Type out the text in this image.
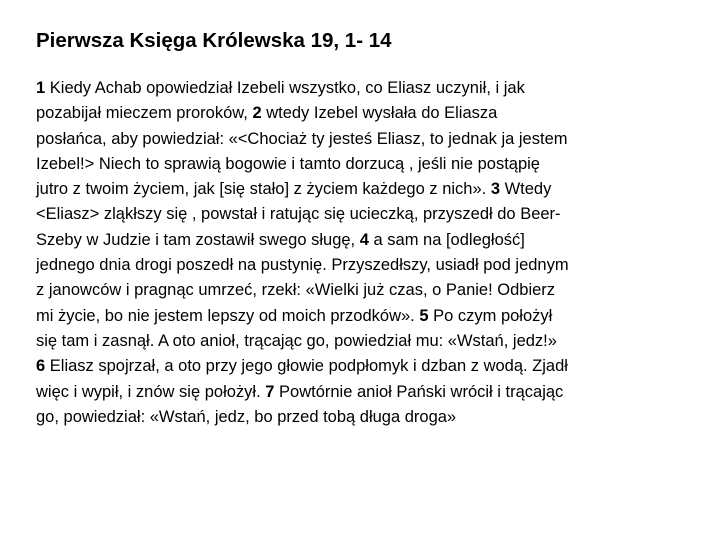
Pierwsza Księga Królewska 19, 1- 14
1 Kiedy Achab opowiedział Izebeli wszystko, co Eliasz uczynił, i jak
pozabijał mieczem proroków, 2 wtedy Izebel wysłała do Eliasza
posłańca, aby powiedział: «<Chociaż ty jesteś Eliasz, to jednak ja jestem
Izebel!> Niech to sprawią bogowie i tamto dorzucą , jeśli nie postąpię
jutro z twoim życiem, jak [się stało] z życiem każdego z nich». 3 Wtedy
<Eliasz> zląkłszy się , powstał i ratując się ucieczką, przyszedł do Beer-
Szeby w Judzie i tam zostawił swego sługę, 4 a sam na [odległość]
jednego dnia drogi poszedł na pustynię. Przyszedłszy, usiadł pod jednym
z janowców i pragnąc umrzeć, rzekł: «Wielki już czas, o Panie! Odbierz
mi życie, bo nie jestem lepszy od moich przodków». 5 Po czym położył
się tam i zasnął. A oto anioł, trącając go, powiedział mu: «Wstań, jedz!»
6 Eliasz spojrzał, a oto przy jego głowie podpłomyk i dzban z wodą. Zjadł
więc i wypił, i znów się położył. 7 Powtórnie anioł Pański wrócił i trącając
go, powiedział: «Wstań, jedz, bo przed tobą długa droga»
